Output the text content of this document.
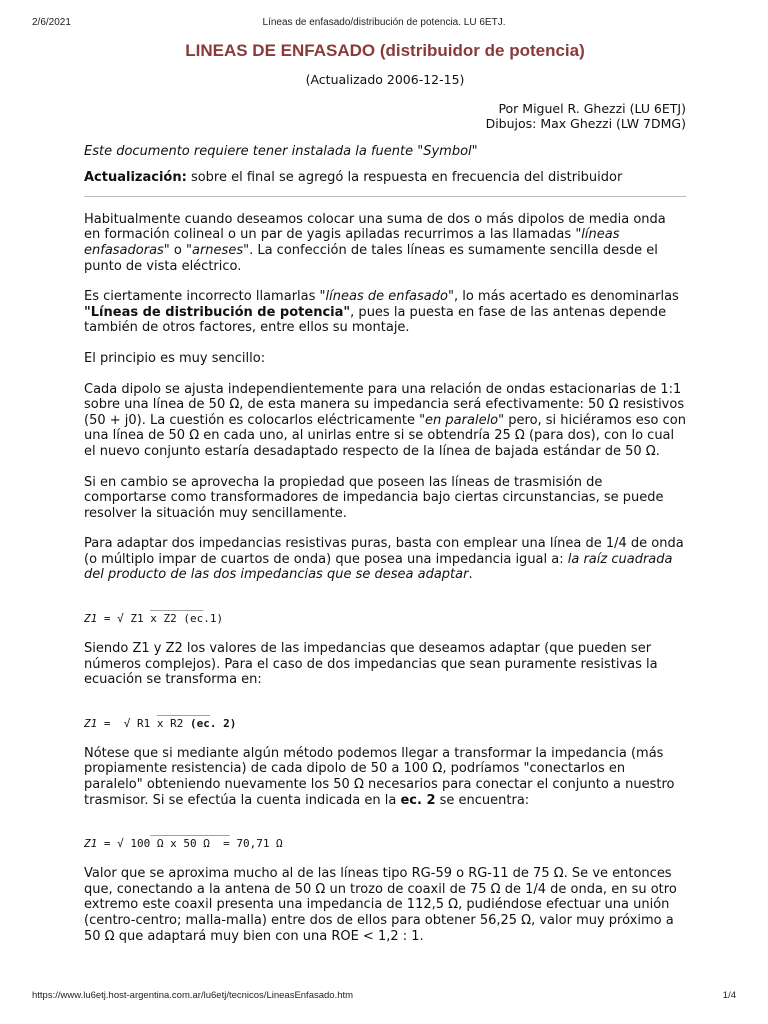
2/6/2021	Líneas de enfasado/distribución de potencia. LU 6ETJ.
LINEAS DE ENFASADO (distribuidor de potencia)
(Actualizado 2006-12-15)
Por Miguel R. Ghezzi (LU 6ETJ)
Dibujos: Max Ghezzi (LW 7DMG)
Este documento requiere tener instalada la fuente "Symbol"
Actualización: sobre el final se agregó la respuesta en frecuencia del distribuidor

Habitualmente cuando deseamos colocar una suma de dos o más dipolos de media onda en formación colineal o un par de yagis apiladas recurrimos a las llamadas "líneas enfasadoras" o "arneses". La confección de tales líneas es sumamente sencilla desde el punto de vista eléctrico.

Es ciertamente incorrecto llamarlas "líneas de enfasado", lo más acertado es denominarlas "Líneas de distribución de potencia", pues la puesta en fase de las antenas depende también de otros factores, entre ellos su montaje.

El principio es muy sencillo:

Cada dipolo se ajusta independientemente para una relación de ondas estacionarias de 1:1 sobre una línea de 50 Ω, de esta manera su impedancia será efectivamente: 50 Ω resistivos (50 + j0). La cuestión es colocarlos eléctricamente "en paralelo" pero, si hiciéramos eso con una línea de 50 Ω en cada uno, al unirlas entre si se obtendría 25 Ω (para dos), con lo cual el nuevo conjunto estaría desadaptado respecto de la línea de bajada estándar de 50 Ω.

Si en cambio se aprovecha la propiedad que poseen las líneas de trasmisión de comportarse como transformadores de impedancia bajo ciertas circunstancias, se puede resolver la situación muy sencillamente.

Para adaptar dos impedancias resistivas puras, basta con emplear una línea de 1/4 de onda (o múltiplo impar de cuartos de onda) que posea una impedancia igual a: la raíz cuadrada del producto de las dos impedancias que se desea adaptar.

________
Z1 = √ Z1 x Z2 (ec.1)

Siendo Z1 y Z2 los valores de las impedancias que deseamos adaptar (que pueden ser números complejos). Para el caso de dos impedancias que sean puramente resistivas la ecuación se transforma en:

________
Z1 =  √ R1 x R2 (ec. 2)

Nótese que si mediante algún método podemos llegar a transformar la impedancia (más propiamente resistencia) de cada dipolo de 50 a 100 Ω, podríamos "conectarlos en paralelo" obteniendo nuevamente los 50 Ω necesarios para conectar el conjunto a nuestro trasmisor. Si se efectúa la cuenta indicada en la ec. 2 se encuentra:

____________
Z1 = √ 100 Ω x 50 Ω  = 70,71 Ω

Valor que se aproxima mucho al de las líneas tipo RG-59 o RG-11 de 75 Ω. Se ve entonces que, conectando a la antena de 50 Ω un trozo de coaxil de 75 Ω de 1/4 de onda, en su otro extremo este coaxil presenta una impedancia de 112,5 Ω, pudiéndose efectuar una unión (centro-centro; malla-malla) entre dos de ellos para obtener 56,25 Ω, valor muy próximo a 50 Ω que adaptará muy bien con una ROE < 1,2 : 1.

https://www.lu6etj.host-argentina.com.ar/lu6etj/tecnicos/LineasEnfasado.htm	1/4
